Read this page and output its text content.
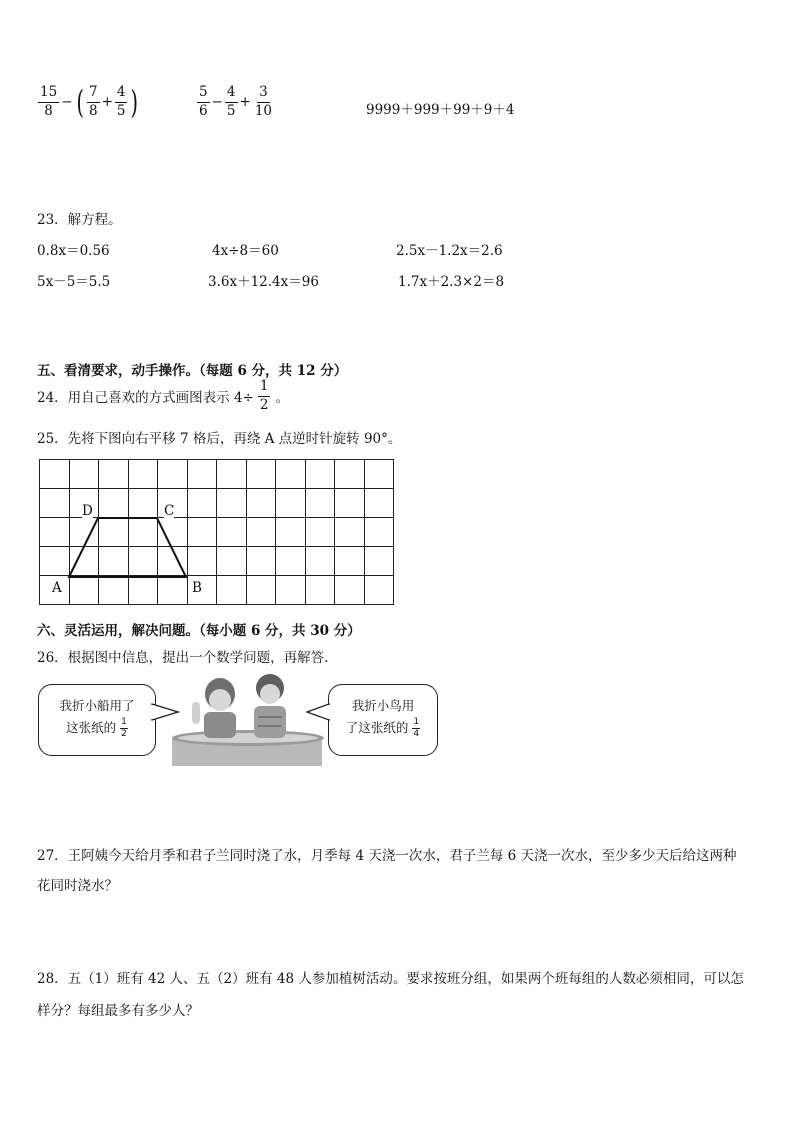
$\frac{15}{8}$ − ( $\frac{7}{8} + \frac{4}{5}$ )	$\frac{5}{6} - \frac{4}{5} + \frac{3}{10}$	9999＋999＋99＋9＋4
23．解方程。
0.8x＝0.56	4x÷8＝60	2.5x－1.2x＝2.6
5x－5＝5.5	3.6x＋12.4x＝96	1.7x＋2.3×2＝8
五、看清要求，动手操作。（每题 6 分，共 12 分）
24．用自己喜欢的方式画图表示 $4\div \frac{1}{2}$ 。
25．先将下图向右平移 7 格后，再绕 A 点逆时针旋转 90°。

A	B
C
D
六、灵活运用，解决问题。（每小题 6 分，共 30 分）
26．根据图中信息，提出一个数学问题，再解答.
我折小船用了
这张纸的 $\frac{1}{2}$
我折小鸟用
了这张纸的 $\frac{1}{4}$
27．王阿姨今天给月季和君子兰同时浇了水，月季每 4 天浇一次水，君子兰每 6 天浇一次水，至少多少天后给这两种
花同时浇水？
28．五（1）班有 42 人、五（2）班有 48 人参加植树活动。要求按班分组，如果两个班每组的人数必须相同，可以怎
样分？每组最多有多少人？
